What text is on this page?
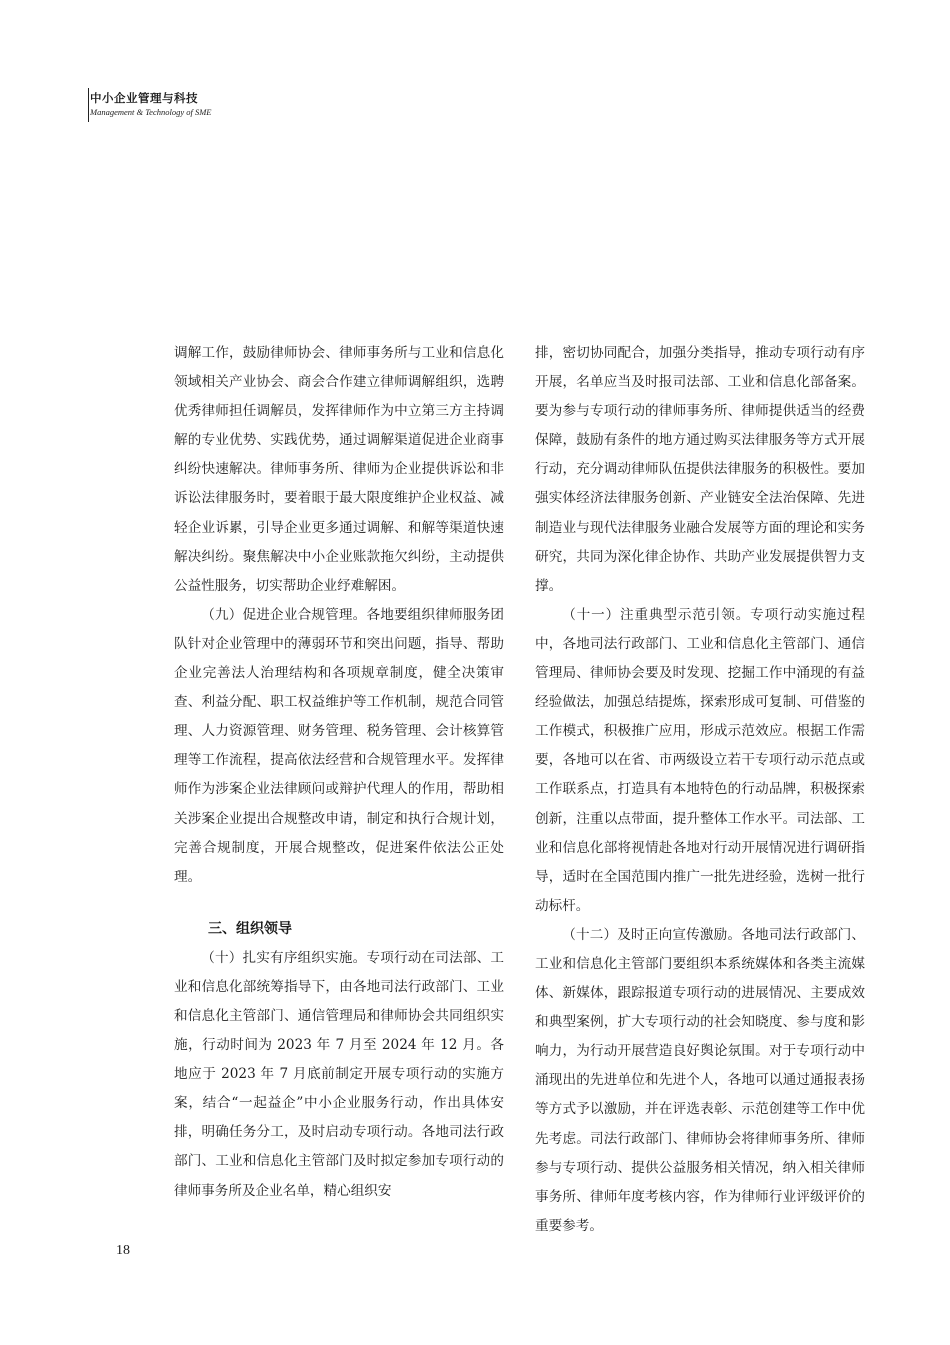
中小企业管理与科技
Management & Technology of SME

调解工作，鼓励律师协会、律师事务所与工业和信息化领域相关产业协会、商会合作建立律师调解组织，选聘优秀律师担任调解员，发挥律师作为中立第三方主持调解的专业优势、实践优势，通过调解渠道促进企业商事纠纷快速解决。律师事务所、律师为企业提供诉讼和非诉讼法律服务时，要着眼于最大限度维护企业权益、减轻企业诉累，引导企业更多通过调解、和解等渠道快速解决纠纷。聚焦解决中小企业账款拖欠纠纷，主动提供公益性服务，切实帮助企业纾难解困。

（九）促进企业合规管理。各地要组织律师服务团队针对企业管理中的薄弱环节和突出问题，指导、帮助企业完善法人治理结构和各项规章制度，健全决策审查、利益分配、职工权益维护等工作机制，规范合同管理、人力资源管理、财务管理、税务管理、会计核算管理等工作流程，提高依法经营和合规管理水平。发挥律师作为涉案企业法律顾问或辩护代理人的作用，帮助相关涉案企业提出合规整改申请，制定和执行合规计划，完善合规制度，开展合规整改，促进案件依法公正处理。

三、组织领导

（十）扎实有序组织实施。专项行动在司法部、工业和信息化部统筹指导下，由各地司法行政部门、工业和信息化主管部门、通信管理局和律师协会共同组织实施，行动时间为 2023 年 7 月至 2024 年 12 月。各地应于 2023 年 7 月底前制定开展专项行动的实施方案，结合“一起益企”中小企业服务行动，作出具体安排，明确任务分工，及时启动专项行动。各地司法行政部门、工业和信息化主管部门及时拟定参加专项行动的律师事务所及企业名单，精心组织安

排，密切协同配合，加强分类指导，推动专项行动有序开展，名单应当及时报司法部、工业和信息化部备案。要为参与专项行动的律师事务所、律师提供适当的经费保障，鼓励有条件的地方通过购买法律服务等方式开展行动，充分调动律师队伍提供法律服务的积极性。要加强实体经济法律服务创新、产业链安全法治保障、先进制造业与现代法律服务业融合发展等方面的理论和实务研究，共同为深化律企协作、共助产业发展提供智力支撑。

（十一）注重典型示范引领。专项行动实施过程中，各地司法行政部门、工业和信息化主管部门、通信管理局、律师协会要及时发现、挖掘工作中涌现的有益经验做法，加强总结提炼，探索形成可复制、可借鉴的工作模式，积极推广应用，形成示范效应。根据工作需要，各地可以在省、市两级设立若干专项行动示范点或工作联系点，打造具有本地特色的行动品牌，积极探索创新，注重以点带面，提升整体工作水平。司法部、工业和信息化部将视情赴各地对行动开展情况进行调研指导，适时在全国范围内推广一批先进经验，选树一批行动标杆。

（十二）及时正向宣传激励。各地司法行政部门、工业和信息化主管部门要组织本系统媒体和各类主流媒体、新媒体，跟踪报道专项行动的进展情况、主要成效和典型案例，扩大专项行动的社会知晓度、参与度和影响力，为行动开展营造良好舆论氛围。对于专项行动中涌现出的先进单位和先进个人，各地可以通过通报表扬等方式予以激励，并在评选表彰、示范创建等工作中优先考虑。司法行政部门、律师协会将律师事务所、律师参与专项行动、提供公益服务相关情况，纳入相关律师事务所、律师年度考核内容，作为律师行业评级评价的重要参考。

18
